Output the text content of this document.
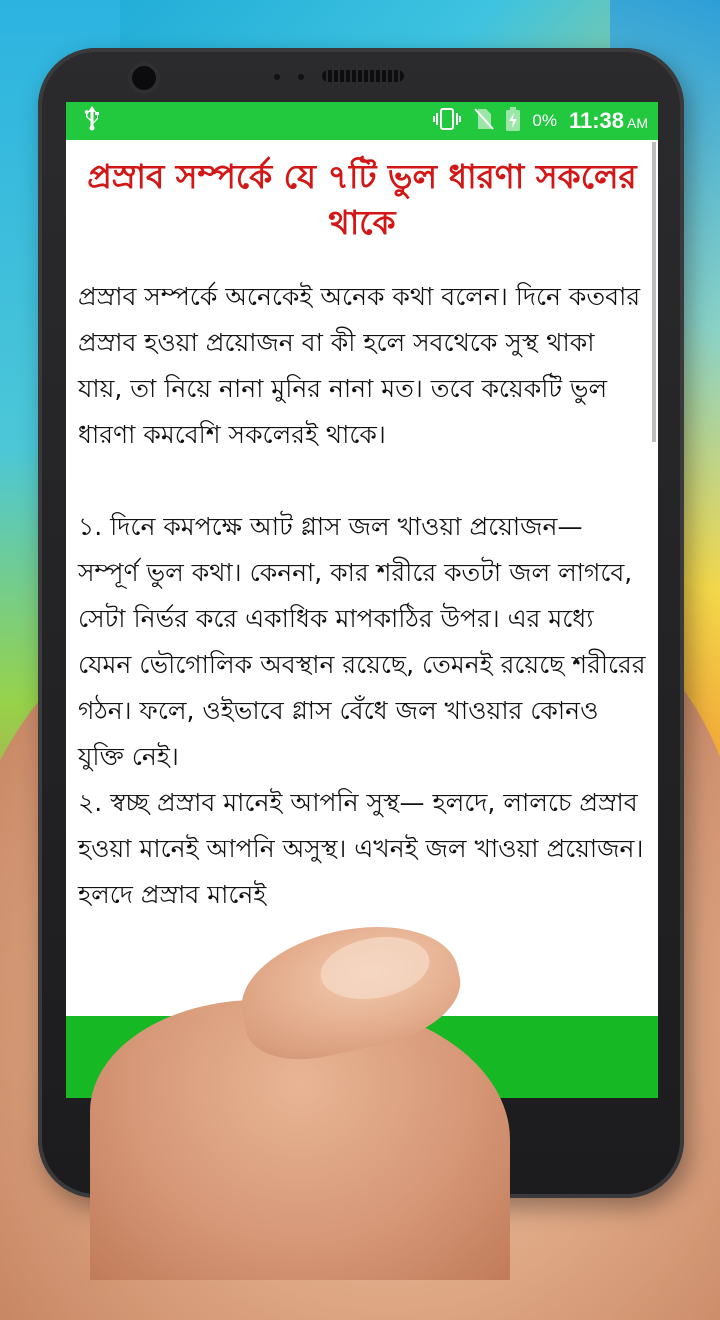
0% 11:38 AM
প্রস্রাব সম্পর্কে যে ৭টি ভুল ধারণা সকলের থাকে

প্রস্রাব সম্পর্কে অনেকেই অনেক কথা বলেন। দিনে কতবার প্রস্রাব হওয়া প্রয়োজন বা কী হলে সবথেকে সুস্থ থাকা যায়, তা নিয়ে নানা মুনির নানা মত। তবে কয়েকটি ভুল ধারণা কমবেশি সকলেরই থাকে।

১. দিনে কমপক্ষে আট গ্লাস জল খাওয়া প্রয়োজন— সম্পূর্ণ ভুল কথা। কেননা, কার শরীরে কতটা জল লাগবে, সেটা নির্ভর করে একাধিক মাপকাঠির উপর। এর মধ্যে যেমন ভৌগোলিক অবস্থান রয়েছে, তেমনই রয়েছে শরীরের গঠন। ফলে, ওইভাবে গ্লাস বেঁধে জল খাওয়ার কোনও যুক্তি নেই।

২. স্বচ্ছ প্রস্রাব মানেই আপনি সুস্থ— হলদে, লালচে প্রস্রাব হওয়া মানেই আপনি অসুস্থ। এখনই জল খাওয়া প্রয়োজন। হলদে প্রস্রাব মানেই
